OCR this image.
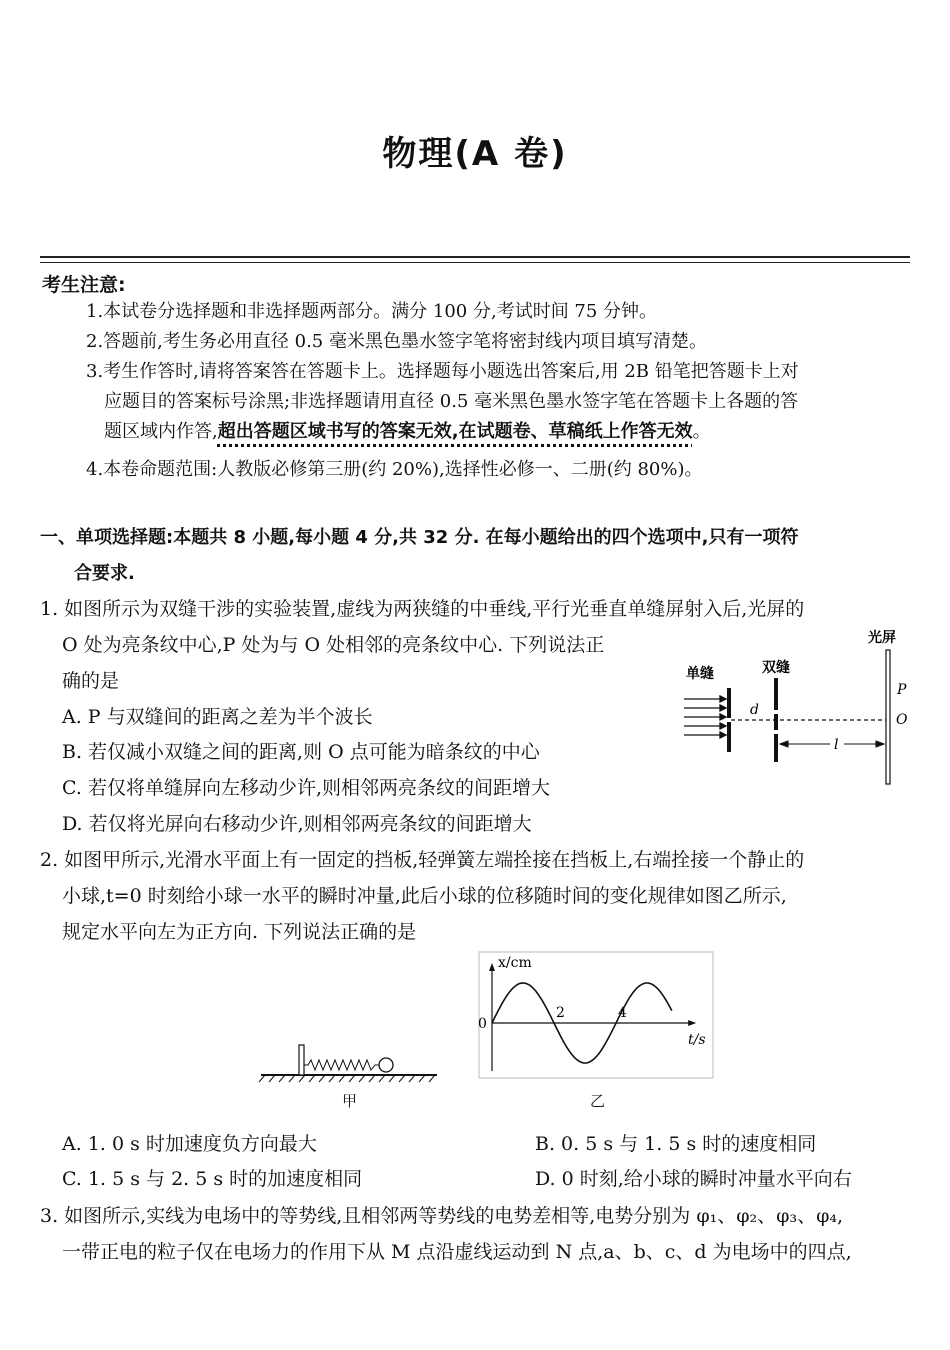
物理(A 卷)
考生注意:
1.本试卷分选择题和非选择题两部分。满分 100 分,考试时间 75 分钟。
2.答题前,考生务必用直径 0.5 毫米黑色墨水签字笔将密封线内项目填写清楚。
3.考生作答时,请将答案答在答题卡上。选择题每小题选出答案后,用 2B 铅笔把答题卡上对
应题目的答案标号涂黑;非选择题请用直径 0.5 毫米黑色墨水签字笔在答题卡上各题的答
题区域内作答,超出答题区域书写的答案无效,在试题卷、草稿纸上作答无效。
4.本卷命题范围:人教版必修第三册(约 20%),选择性必修一、二册(约 80%)。
一、单项选择题:本题共 8 小题,每小题 4 分,共 32 分. 在每小题给出的四个选项中,只有一项符
合要求.
1. 如图所示为双缝干涉的实验装置,虚线为两狭缝的中垂线,平行光垂直单缝屏射入后,光屏的
O 处为亮条纹中心,P 处为与 O 处相邻的亮条纹中心. 下列说法正
确的是
A. P 与双缝间的距离之差为半个波长
B. 若仅减小双缝之间的距离,则 O 点可能为暗条纹的中心
C. 若仅将单缝屏向左移动少许,则相邻两亮条纹的间距增大
D. 若仅将光屏向右移动少许,则相邻两亮条纹的间距增大
光屏
单缝	双缝
d
P
O
l
2. 如图甲所示,光滑水平面上有一固定的挡板,轻弹簧左端拴接在挡板上,右端拴接一个静止的
小球,t=0 时刻给小球一水平的瞬时冲量,此后小球的位移随时间的变化规律如图乙所示,
规定水平向左为正方向. 下列说法正确的是
甲
2	4
x/cm
t/s
0
乙
A. 1. 0 s 时加速度负方向最大	B. 0. 5 s 与 1. 5 s 时的速度相同
C. 1. 5 s 与 2. 5 s 时的加速度相同	D. 0 时刻,给小球的瞬时冲量水平向右
3. 如图所示,实线为电场中的等势线,且相邻两等势线的电势差相等,电势分别为 φ₁、φ₂、φ₃、φ₄,
一带正电的粒子仅在电场力的作用下从 M 点沿虚线运动到 N 点,a、b、c、d 为电场中的四点,
